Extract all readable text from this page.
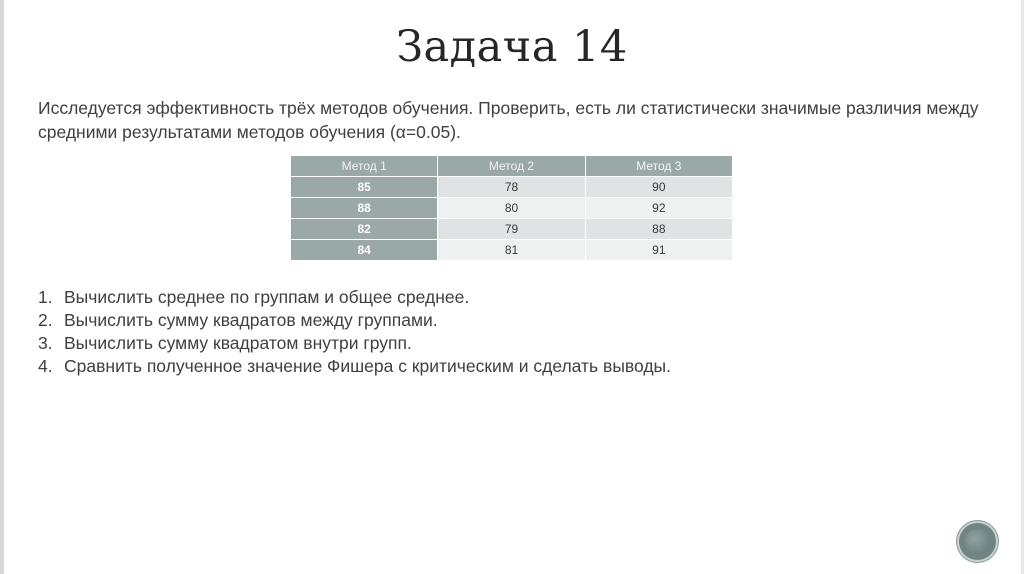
Задача 14

Исследуется эффективность трёх методов обучения. Проверить, есть ли статистически значимые различия между средними результатами методов обучения (α=0.05).

Метод 1	Метод 2	Метод 3
85	78	90
88	80	92
82	79	88
84	81	91
1. Вычислить среднее по группам и общее среднее.
2. Вычислить сумму квадратов между группами.
3. Вычислить сумму квадратом внутри групп.
4. Сравнить полученное значение Фишера с критическим и сделать выводы.
